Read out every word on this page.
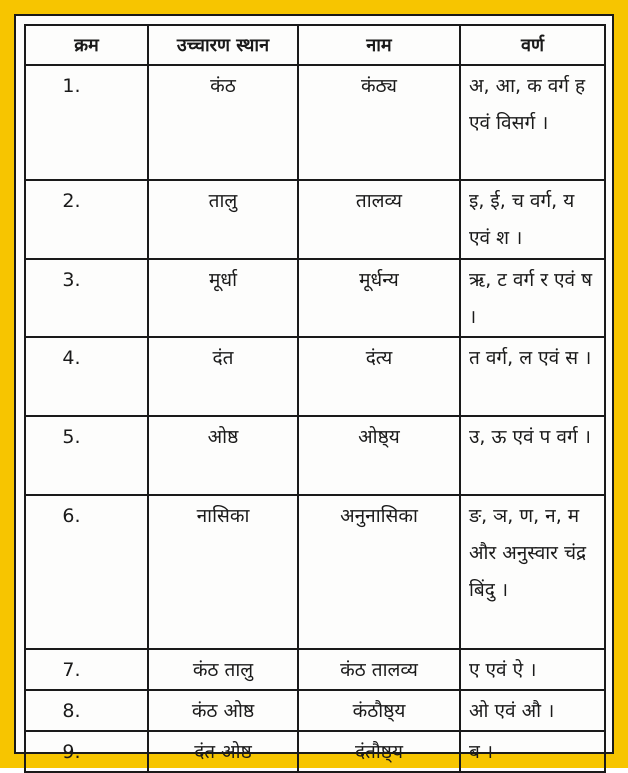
क्रम	उच्चारण स्थान	नाम	वर्ण
1.	कंठ	कंठ्य	अ, आ, क वर्ग ह एवं विसर्ग ।
2.	तालु	तालव्य	इ, ई, च वर्ग, य एवं श ।
3.	मूर्धा	मूर्धन्य	ऋ, ट वर्ग र एवं ष ।
4.	दंत	दंत्य	त वर्ग, ल एवं स ।
5.	ओष्ठ	ओष्ठ्य	उ, ऊ एवं प वर्ग ।
6.	नासिका	अनुनासिका	ङ, ञ, ण, न, म और अनुस्वार चंद्र बिंदु ।
7.	कंठ तालु	कंठ तालव्य	ए एवं ऐ ।
8.	कंठ ओष्ठ	कंठौष्ठ्य	ओ एवं औ ।
9.	दंत ओष्ठ	दंतौष्ठ्य	ब ।
